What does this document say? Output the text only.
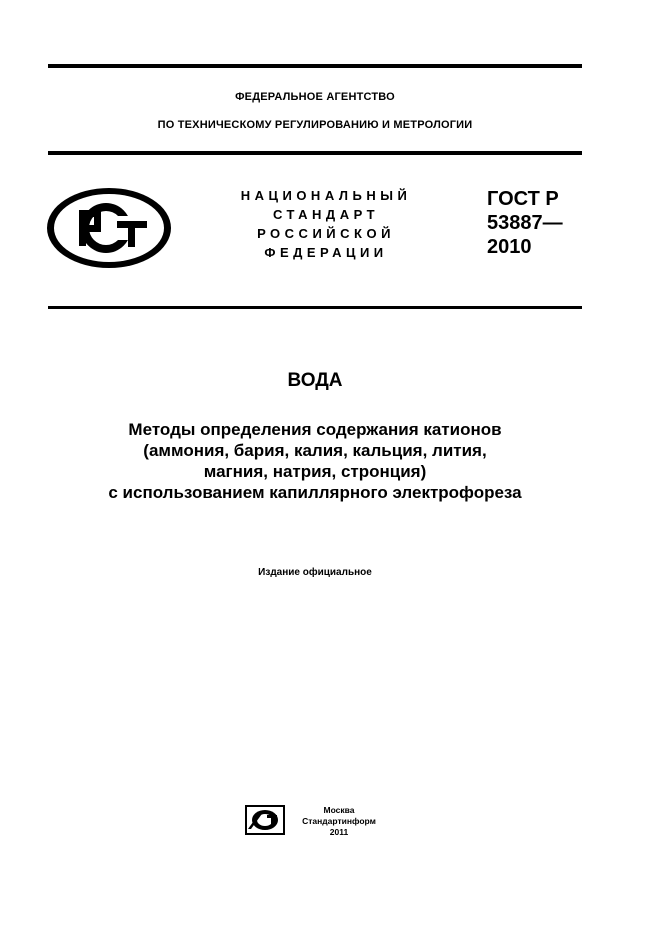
ФЕДЕРАЛЬНОЕ АГЕНТСТВО
ПО ТЕХНИЧЕСКОМУ РЕГУЛИРОВАНИЮ И МЕТРОЛОГИИ
НАЦИОНАЛЬНЫЙ
СТАНДАРТ
РОССИЙСКОЙ
ФЕДЕРАЦИИ
ГОСТ Р
53887—
2010
ВОДА
Методы определения содержания катионов
(аммония, бария, калия, кальция, лития,
магния, натрия, стронция)
с использованием капиллярного электрофореза
Издание официальное
Москва
Стандартинформ
2011
